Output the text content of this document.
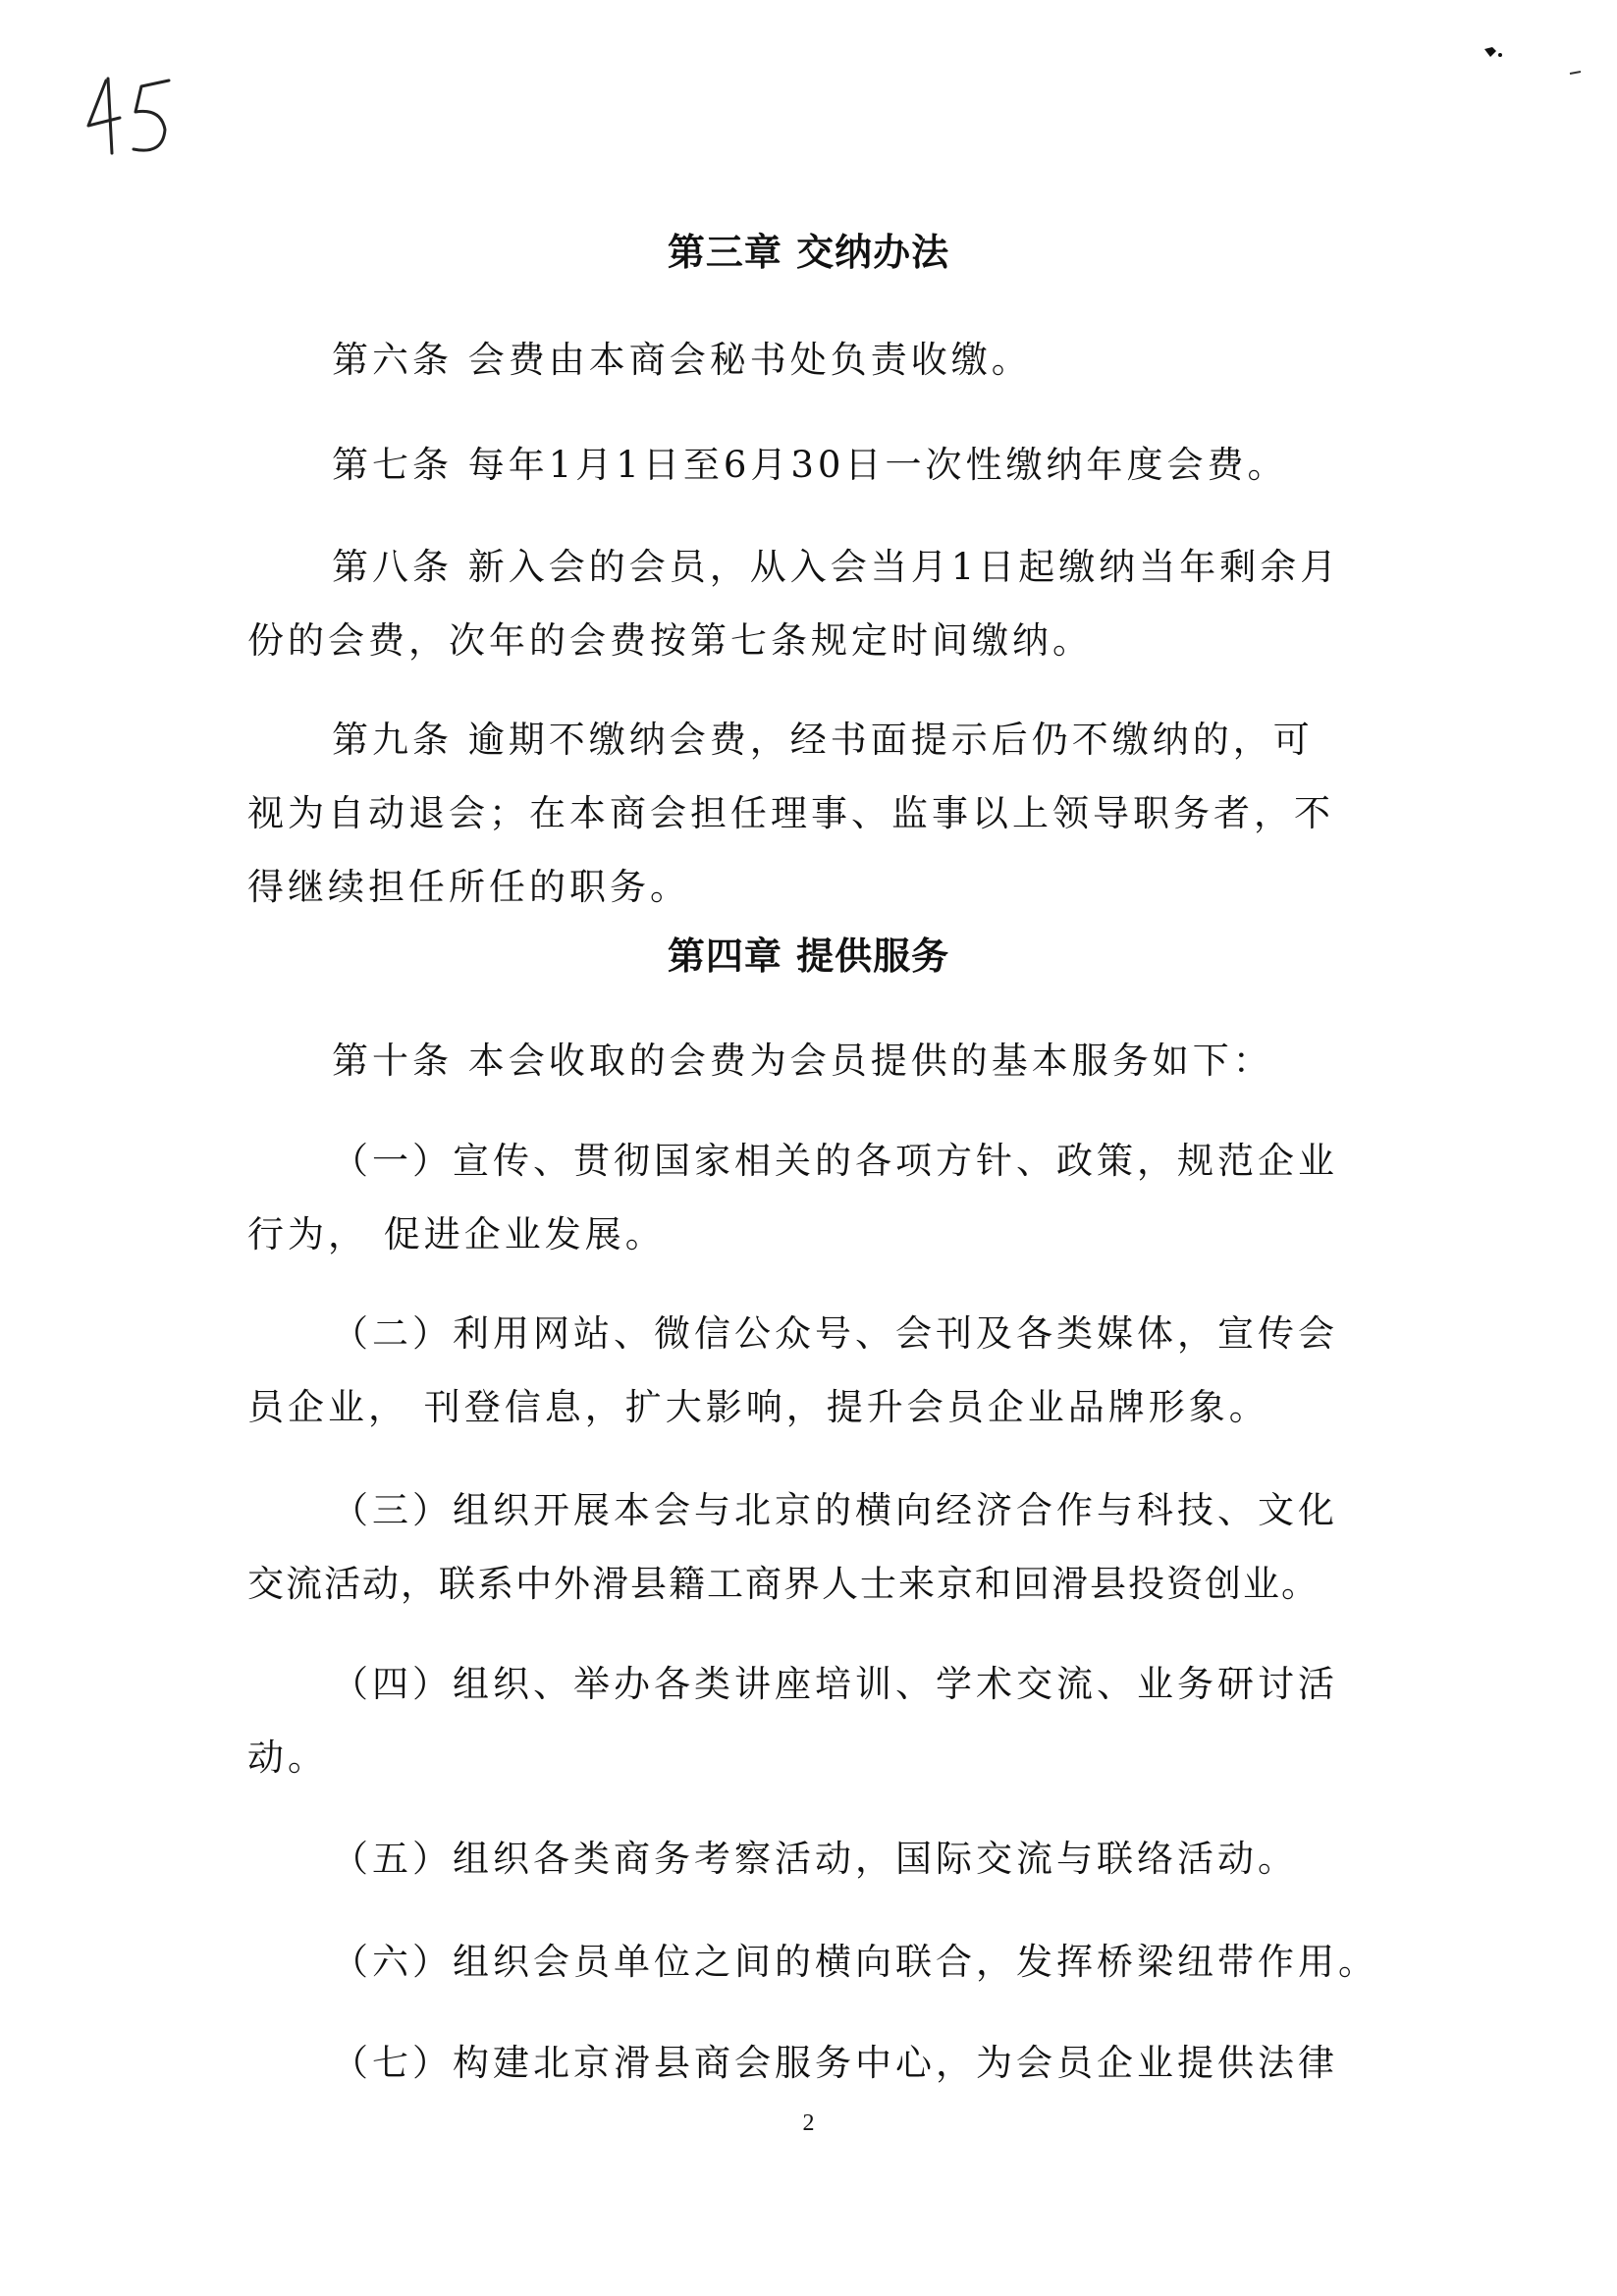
第三章 交纳办法
第六条 会费由本商会秘书处负责收缴。
第七条 每年1月1日至6月30日一次性缴纳年度会费。
第八条 新入会的会员，从入会当月1日起缴纳当年剩余月
份的会费，次年的会费按第七条规定时间缴纳。
第九条 逾期不缴纳会费，经书面提示后仍不缴纳的，可
视为自动退会；在本商会担任理事、监事以上领导职务者，不
得继续担任所任的职务。
第四章 提供服务
第十条 本会收取的会费为会员提供的基本服务如下：
（一）宣传、贯彻国家相关的各项方针、政策，规范企业
行为， 促进企业发展。
（二）利用网站、微信公众号、会刊及各类媒体，宣传会
员企业， 刊登信息，扩大影响，提升会员企业品牌形象。
（三）组织开展本会与北京的横向经济合作与科技、文化
交流活动，联系中外滑县籍工商界人士来京和回滑县投资创业。
（四）组织、举办各类讲座培训、学术交流、业务研讨活
动。
（五）组织各类商务考察活动，国际交流与联络活动。
（六）组织会员单位之间的横向联合，发挥桥梁纽带作用。
（七）构建北京滑县商会服务中心，为会员企业提供法律
2
